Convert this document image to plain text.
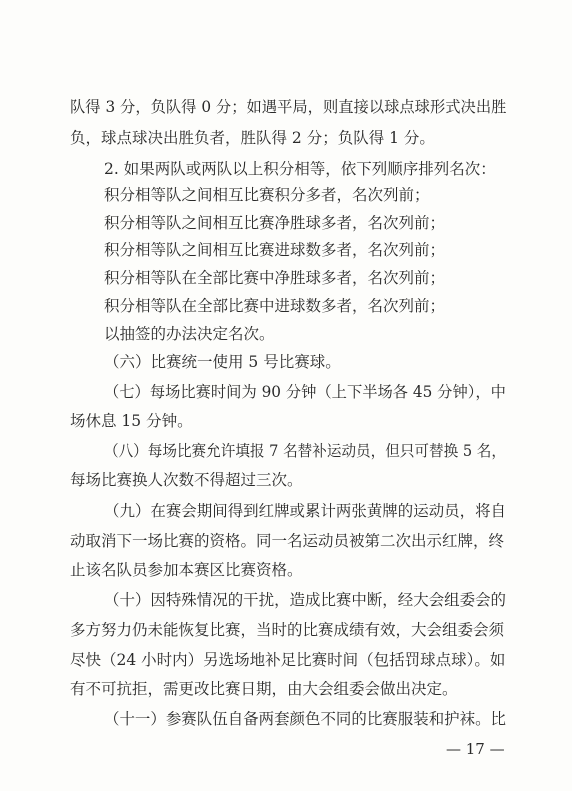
队得 3 分，负队得 0 分；如遇平局，则直接以球点球形式决出胜
负，球点球决出胜负者，胜队得 2 分；负队得 1 分。
2. 如果两队或两队以上积分相等，依下列顺序排列名次：
积分相等队之间相互比赛积分多者，名次列前；
积分相等队之间相互比赛净胜球多者，名次列前；
积分相等队之间相互比赛进球数多者，名次列前；
积分相等队在全部比赛中净胜球多者，名次列前；
积分相等队在全部比赛中进球数多者，名次列前；
以抽签的办法决定名次。
（六）比赛统一使用 5 号比赛球。
（七）每场比赛时间为 90 分钟（上下半场各 45 分钟），中
场休息 15 分钟。
（八）每场比赛允许填报 7 名替补运动员，但只可替换 5 名，
每场比赛换人次数不得超过三次。
（九）在赛会期间得到红牌或累计两张黄牌的运动员，将自
动取消下一场比赛的资格。同一名运动员被第二次出示红牌，终
止该名队员参加本赛区比赛资格。
（十）因特殊情况的干扰，造成比赛中断，经大会组委会的
多方努力仍未能恢复比赛，当时的比赛成绩有效，大会组委会须
尽快（24 小时内）另选场地补足比赛时间（包括罚球点球）。如
有不可抗拒，需更改比赛日期，由大会组委会做出决定。
（十一）参赛队伍自备两套颜色不同的比赛服装和护袜。比
— 17 —
